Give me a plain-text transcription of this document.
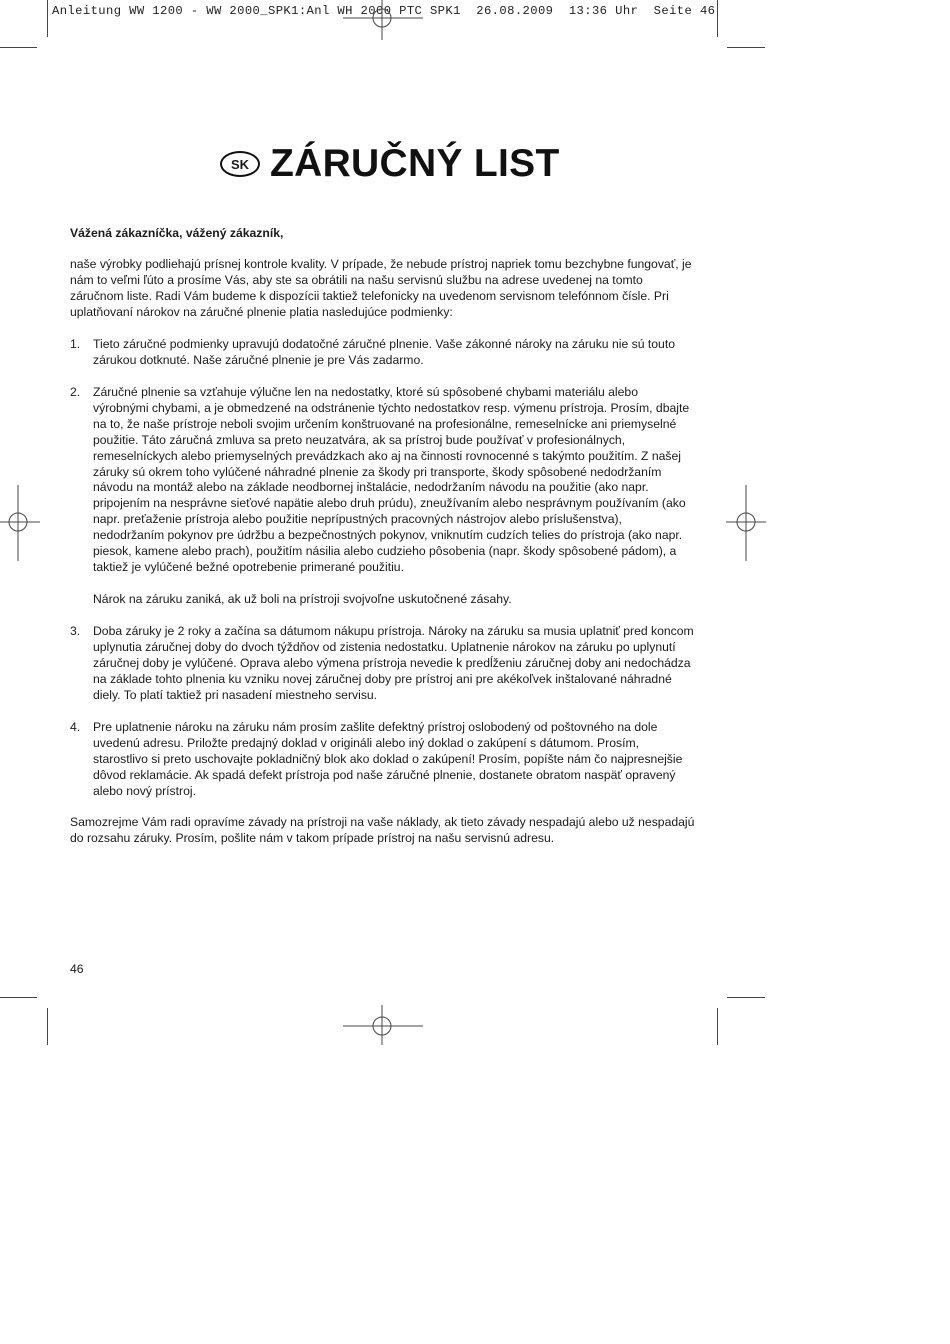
Anleitung WW 1200 - WW 2000_SPK1:Anl WH 2000 PTC SPK1  26.08.2009  13:36 Uhr  Seite 46
SK ZÁRUČNÝ LIST
Vážená zákazníčka, vážený zákazník,
naše výrobky podliehajú prísnej kontrole kvality. V prípade, že nebude prístroj napriek tomu bezchybne fungovať, je nám to veľmi ľúto a prosíme Vás, aby ste sa obrátili na našu servisnú službu na adrese uvedenej na tomto záručnom liste. Radi Vám budeme k dispozícii taktiež telefonicky na uvedenom servisnom telefónnom čísle. Pri uplatňovaní nárokov na záručné plnenie platia nasledujúce podmienky:
1. Tieto záručné podmienky upravujú dodatočné záručné plnenie. Vaše zákonné nároky na záruku nie sú touto zárukou dotknuté. Naše záručné plnenie je pre Vás zadarmo.
2. Záručné plnenie sa vzťahuje výlučne len na nedostatky, ktoré sú spôsobené chybami materiálu alebo výrobnými chybami, a je obmedzené na odstránenie týchto nedostatkov resp. výmenu prístroja. Prosím, dbajte na to, že naše prístroje neboli svojim určením konštruované na profesionálne, remeselnícke ani priemyselné použitie. Táto záručná zmluva sa preto neuzatvára, ak sa prístroj bude používať v profesionálnych, remeselníckych alebo priemyselných prevádzkach ako aj na činnosti rovnocenné s takýmto použitím. Z našej záruky sú okrem toho vylúčené náhradné plnenie za škody pri transporte, škody spôsobené nedodržaním návodu na montáž alebo na základe neodbornej inštalácie, nedodržaním návodu na použitie (ako napr. pripojením na nesprávne sieťové napätie alebo druh prúdu), zneužívaním alebo nesprávnym používaním (ako napr. preťaženie prístroja alebo použitie neprípustných pracovných nástrojov alebo príslušenstva), nedodržaním pokynov pre údržbu a bezpečnostných pokynov, vniknutím cudzích telies do prístroja (ako napr. piesok, kamene alebo prach), použitím násilia alebo cudzieho pôsobenia (napr. škody spôsobené pádom), a taktiež je vylúčené bežné opotrebenie primerané použitiu.
Nárok na záruku zaniká, ak už boli na prístroji svojvoľne uskutočnené zásahy.
3. Doba záruky je 2 roky a začína sa dátumom nákupu prístroja. Nároky na záruku sa musia uplatniť pred koncom uplynutia záručnej doby do dvoch týždňov od zistenia nedostatku. Uplatnenie nárokov na záruku po uplynutí záručnej doby je vylúčené. Oprava alebo výmena prístroja nevedie k predĺženiu záručnej doby ani nedochádza na základe tohto plnenia ku vzniku novej záručnej doby pre prístroj ani pre akékoľvek inštalované náhradné diely. To platí taktiež pri nasadení miestneho servisu.
4. Pre uplatnenie nároku na záruku nám prosím zašlite defektný prístroj oslobodený od poštovného na dole uvedenú adresu. Priložte predajný doklad v origináli alebo iný doklad o zakúpení s dátumom. Prosím, starostlivo si preto uschovajte pokladničný blok ako doklad o zakúpení! Prosím, popíšte nám čo najpresnejšie dôvod reklamácie. Ak spadá defekt prístroja pod naše záručné plnenie, dostanete obratom naspäť opravený alebo nový prístroj.
Samozrejme Vám radi opravíme závady na prístroji na vaše náklady, ak tieto závady nespadajú alebo už nespadajú do rozsahu záruky. Prosím, pošlite nám v takom prípade prístroj na našu servisnú adresu.
46
